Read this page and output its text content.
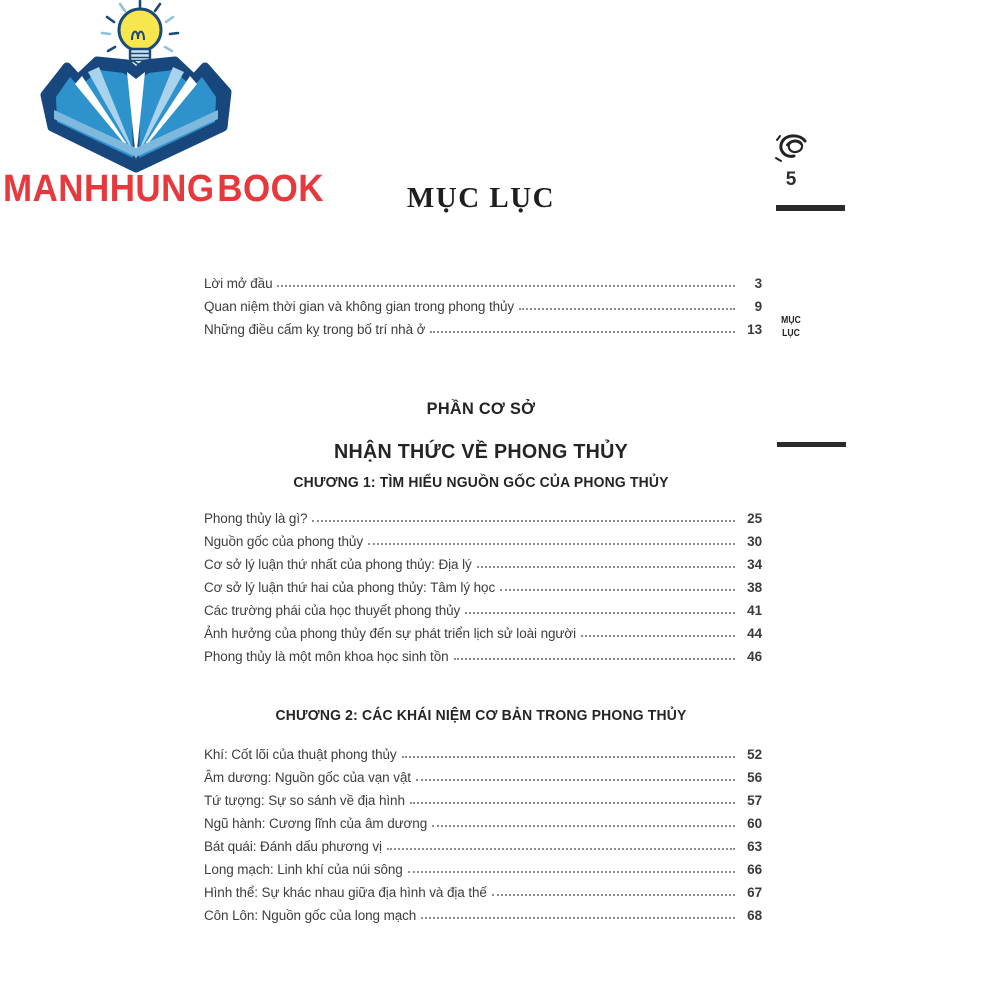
MANHHUNGBOOK	MỤC LỤC
5
MỤC
LỤC
Lời mở đầu	3
Quan niệm thời gian và không gian trong phong thủy	9
Những điều cấm kỵ trong bố trí nhà ở	13
PHẦN CƠ SỞ
NHẬN THỨC VỀ PHONG THỦY
CHƯƠNG 1: TÌM HIỂU NGUỒN GỐC CỦA PHONG THỦY
Phong thủy là gì?	25
Nguồn gốc của phong thủy	30
Cơ sở lý luận thứ nhất của phong thủy: Địa lý	34
Cơ sở lý luận thứ hai của phong thủy: Tâm lý học	38
Các trường phái của học thuyết phong thủy	41
Ảnh hưởng của phong thủy đến sự phát triển lịch sử loài người	44
Phong thủy là một môn khoa học sinh tồn	46
CHƯƠNG 2: CÁC KHÁI NIỆM CƠ BẢN TRONG PHONG THỦY
Khí: Cốt lõi của thuật phong thủy	52
Âm dương: Nguồn gốc của vạn vật	56
Tứ tượng: Sự so sánh về địa hình	57
Ngũ hành: Cương lĩnh của âm dương	60
Bát quái: Đánh dấu phương vị	63
Long mạch: Linh khí của núi sông	66
Hình thể: Sự khác nhau giữa địa hình và địa thế	67
Côn Lôn: Nguồn gốc của long mạch	68
